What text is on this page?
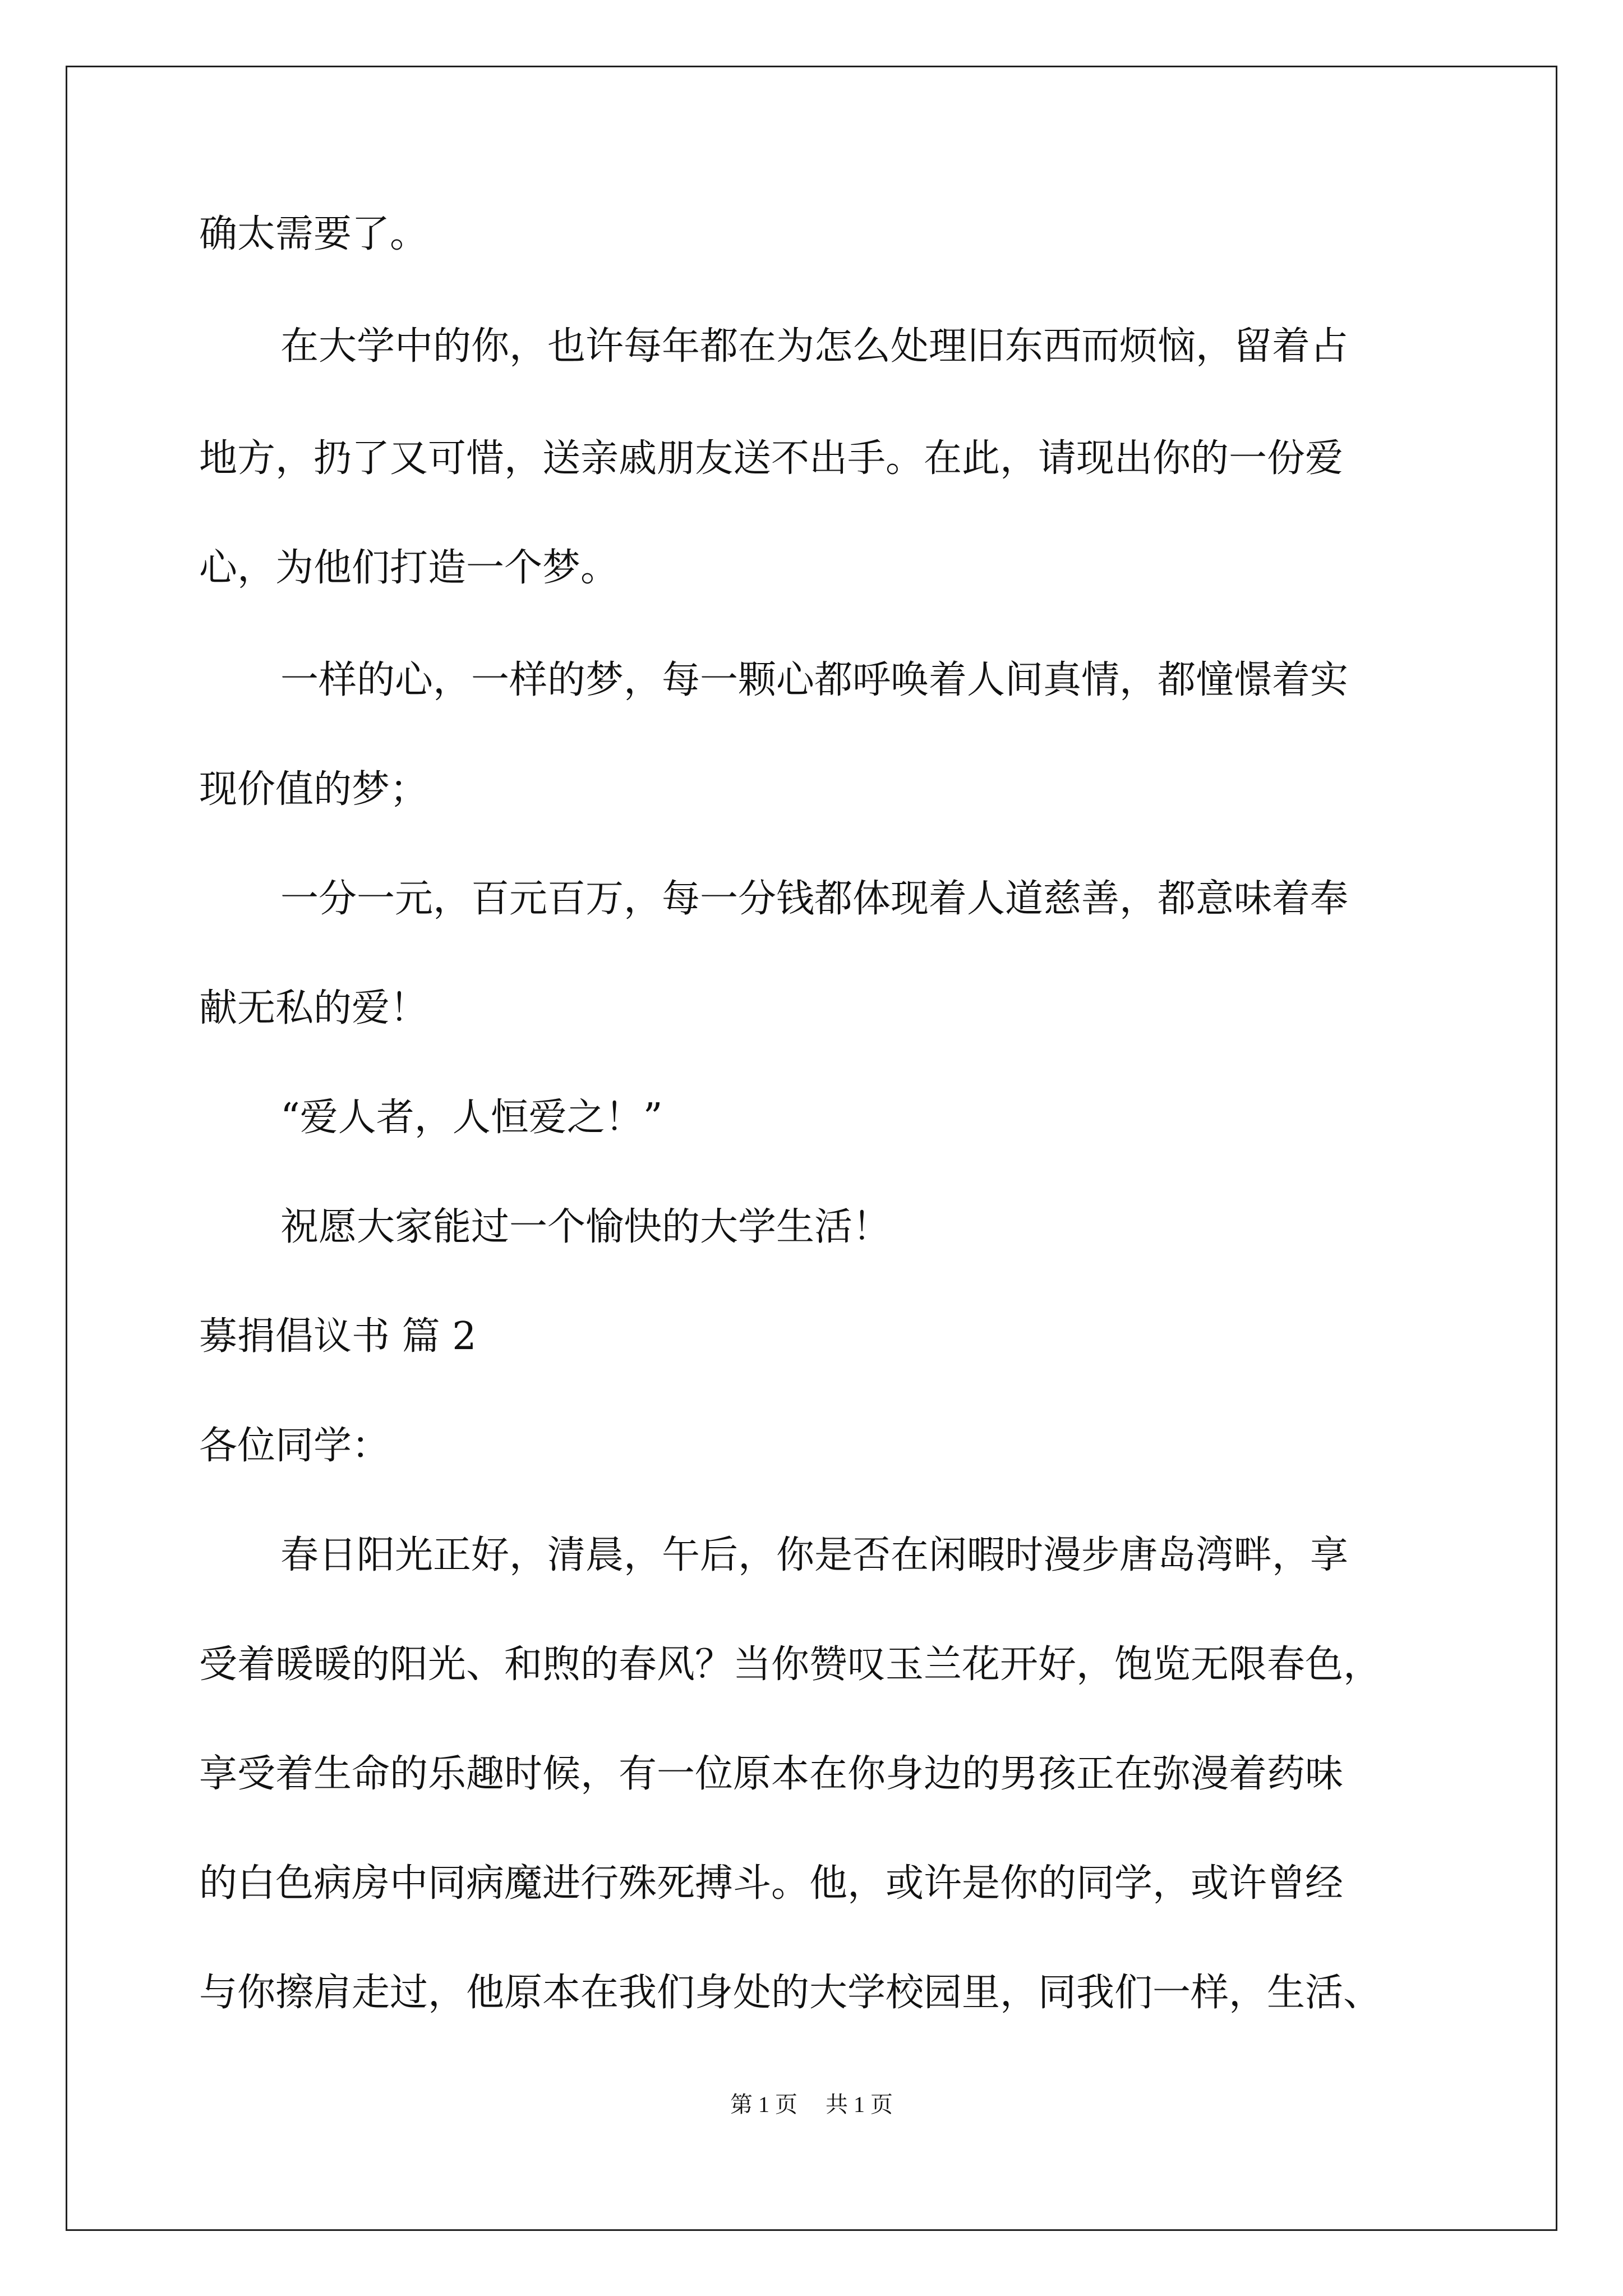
确太需要了。
在大学中的你，也许每年都在为怎么处理旧东西而烦恼，留着占
地方，扔了又可惜，送亲戚朋友送不出手。在此，请现出你的一份爱
心，为他们打造一个梦。
一样的心，一样的梦，每一颗心都呼唤着人间真情，都憧憬着实
现价值的梦；
一分一元，百元百万，每一分钱都体现着人道慈善，都意味着奉
献无私的爱！
“爱人者，人恒爱之！”
祝愿大家能过一个愉快的大学生活！
募捐倡议书 篇 2
各位同学：
春日阳光正好，清晨，午后，你是否在闲暇时漫步唐岛湾畔，享
受着暖暖的阳光、和煦的春风？当你赞叹玉兰花开好，饱览无限春色，
享受着生命的乐趣时候，有一位原本在你身边的男孩正在弥漫着药味
的白色病房中同病魔进行殊死搏斗。他，或许是你的同学，或许曾经
与你擦肩走过，他原本在我们身处的大学校园里，同我们一样，生活、
第 1 页 共 1 页
